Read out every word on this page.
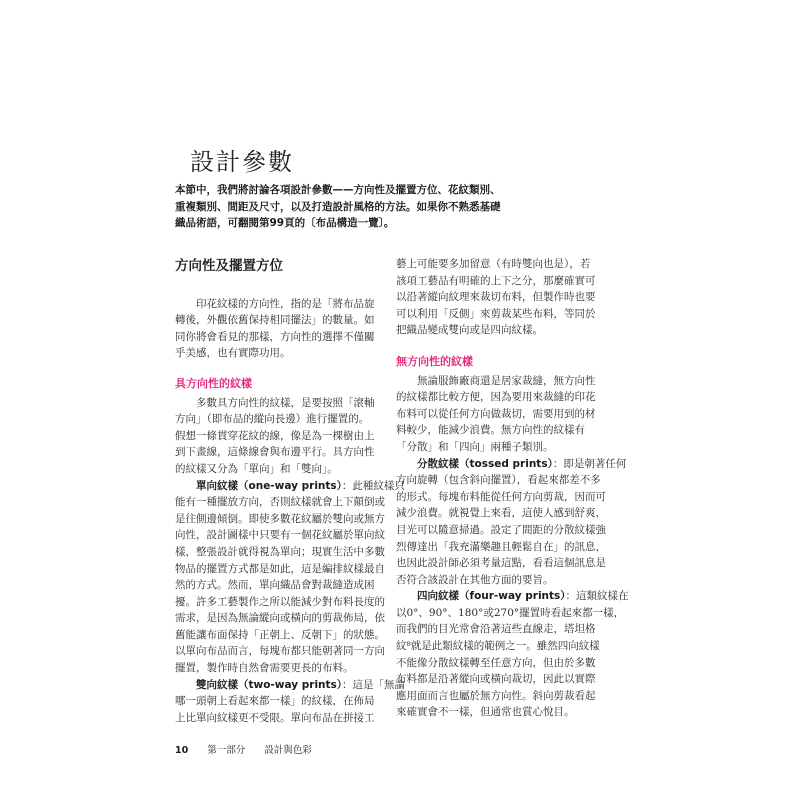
設計參數

本節中，我們將討論各項設計參數——方向性及擺置方位、花紋類別、

重複類別、間距及尺寸，以及打造設計風格的方法。如果你不熟悉基礎

織品術語，可翻閱第99頁的〔布品構造一覽〕。

方向性及擺置方位

　　印花紋樣的方向性，指的是「將布品旋

轉後，外觀依舊保持相同擺法」的數量。如

同你將會看見的那樣，方向性的選擇不僅關

乎美感，也有實際功用。

具方向性的紋樣

　　多數具方向性的紋樣，是要按照「滾軸

方向」（即布品的縱向長邊）進行擺置的。

假想一條貫穿花紋的線，像是為一棵樹由上

到下畫線，這條線會與布邊平行。具方向性

的紋樣又分為「單向」和「雙向」。

　　單向紋樣（one-way prints）：此種紋樣只

能有一種擺放方向，否則紋樣就會上下顛倒或

是往側邊傾倒。即使多數花紋屬於雙向或無方

向性，設計圖樣中只要有一個花紋屬於單向紋

樣，整張設計就得視為單向；現實生活中多數

物品的擺置方式都是如此，這是編排紋樣最自

然的方式。然而，單向織品會對裁縫造成困

擾。許多工藝製作之所以能減少對布料長度的

需求，是因為無論縱向或橫向的剪裁佈局，依

舊能讓布面保持「正朝上、反朝下」的狀態。

以單向布品而言，每塊布都只能朝著同一方向

擺置，製作時自然會需要更長的布料。

　　雙向紋樣（two-way prints）：這是「無論

哪一頭朝上看起來都一樣」的紋樣，在佈局

上比單向紋樣更不受限。單向布品在拼接工

藝上可能要多加留意（有時雙向也是），若

該項工藝品有明確的上下之分，那麼確實可

以沿著縱向紋理來裁切布料，但製作時也要

可以利用「反側」來剪裁某些布料，等同於

把織品變成雙向或是四向紋樣。

無方向性的紋樣

　　無論服飾廠商還是居家裁縫，無方向性

的紋樣都比較方便，因為要用來裁縫的印花

布料可以從任何方向做裁切，需要用到的材

料較少，能減少浪費。無方向性的紋樣有

「分散」和「四向」兩種子類別。

　　分散紋樣（tossed prints）：即是朝著任何

方向旋轉（包含斜向擺置），看起來都差不多

的形式。每塊布料能從任何方向剪裁，因而可

減少浪費。就視覺上來看，這使人感到舒爽，

目光可以隨意掃過。設定了間距的分散紋樣強

烈傳達出「我充滿樂趣且輕鬆自在」的訊息，

也因此設計師必須考量這點，看看這個訊息是

否符合該設計在其他方面的要旨。

　　四向紋樣（four-way prints）：這類紋樣在

以0°、90°、180°或270°擺置時看起來都一樣，

而我們的目光常會沿著這些直線走，塔坦格

紋⁸就是此類紋樣的範例之一。雖然四向紋樣

不能像分散紋樣轉至任意方向，但由於多數

布料都是沿著縱向或橫向裁切，因此以實際

應用面而言也屬於無方向性。斜向剪裁看起

來確實會不一樣，但通常也賞心悅目。

10 第一部分 設計與色彩
